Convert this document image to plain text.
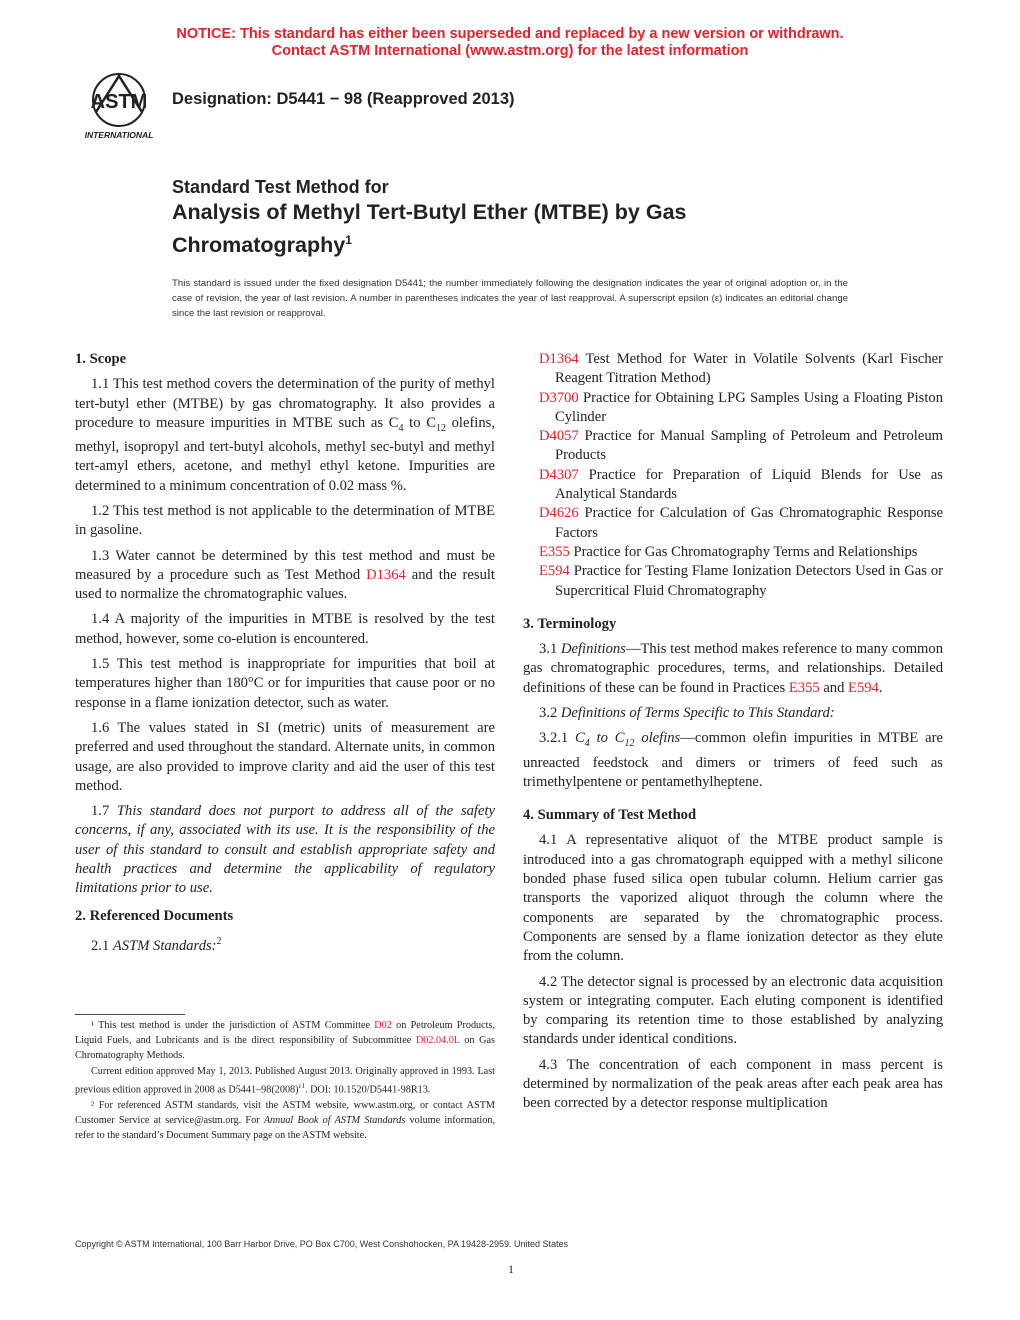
NOTICE: This standard has either been superseded and replaced by a new version or withdrawn.
Contact ASTM International (www.astm.org) for the latest information
ASTM
INTERNATIONAL
Designation: D5441 − 98 (Reapproved 2013)
Standard Test Method for
Analysis of Methyl Tert-Butyl Ether (MTBE) by Gas
Chromatography$^1$
This standard is issued under the fixed designation D5441; the number immediately following the designation indicates the year of original adoption or, in the case of revision, the year of last revision. A number in parentheses indicates the year of last reapproval. A superscript epsilon (ε) indicates an editorial change since the last revision or reapproval.
1. Scope

1.1 This test method covers the determination of the purity of methyl tert-butyl ether (MTBE) by gas chromatography. It also provides a procedure to measure impurities in MTBE such as $C_4$ to $C_{12}$ olefins, methyl, isopropyl and tert-butyl alcohols, methyl sec-butyl and methyl tert-amyl ethers, acetone, and methyl ethyl ketone. Impurities are determined to a minimum concentration of 0.02 mass %.

1.2 This test method is not applicable to the determination of MTBE in gasoline.

1.3 Water cannot be determined by this test method and must be measured by a procedure such as Test Method D1364 and the result used to normalize the chromatographic values.

1.4 A majority of the impurities in MTBE is resolved by the test method, however, some co-elution is encountered.

1.5 This test method is inappropriate for impurities that boil at temperatures higher than 180°C or for impurities that cause poor or no response in a flame ionization detector, such as water.

1.6 The values stated in SI (metric) units of measurement are preferred and used throughout the standard. Alternate units, in common usage, are also provided to improve clarity and aid the user of this test method.

1.7 This standard does not purport to address all of the safety concerns, if any, associated with its use. It is the responsibility of the user of this standard to consult and establish appropriate safety and health practices and determine the applicability of regulatory limitations prior to use.

2. Referenced Documents

2.1 ASTM Standards:$^2$

¹ This test method is under the jurisdiction of ASTM Committee D02 on Petroleum Products, Liquid Fuels, and Lubricants and is the direct responsibility of Subcommittee D02.04.0L on Gas Chromatography Methods.

Current edition approved May 1, 2013. Published August 2013. Originally approved in 1993. Last previous edition approved in 2008 as $D5441-98(2008)^{\varepsilon 1}$. DOI: 10.1520/D5441-98R13.

² For referenced ASTM standards, visit the ASTM website, www.astm.org, or contact ASTM Customer Service at service@astm.org. For Annual Book of ASTM Standards volume information, refer to the standard’s Document Summary page on the ASTM website.

D1364 Test Method for Water in Volatile Solvents (Karl Fischer Reagent Titration Method)
D3700 Practice for Obtaining LPG Samples Using a Floating Piston Cylinder
D4057 Practice for Manual Sampling of Petroleum and Petroleum Products
D4307 Practice for Preparation of Liquid Blends for Use as Analytical Standards
D4626 Practice for Calculation of Gas Chromatographic Response Factors
E355 Practice for Gas Chromatography Terms and Relationships
E594 Practice for Testing Flame Ionization Detectors Used in Gas or Supercritical Fluid Chromatography
3. Terminology

3.1 Definitions—This test method makes reference to many common gas chromatographic procedures, terms, and relationships. Detailed definitions of these can be found in Practices E355 and E594.

3.2 Definitions of Terms Specific to This Standard:

3.2.1 $C_4$ to $C_{12}$ olefins—common olefin impurities in MTBE are unreacted feedstock and dimers or trimers of feed such as trimethylpentene or pentamethylheptene.

4. Summary of Test Method

4.1 A representative aliquot of the MTBE product sample is introduced into a gas chromatograph equipped with a methyl silicone bonded phase fused silica open tubular column. Helium carrier gas transports the vaporized aliquot through the column where the components are separated by the chromatographic process. Components are sensed by a flame ionization detector as they elute from the column.

4.2 The detector signal is processed by an electronic data acquisition system or integrating computer. Each eluting component is identified by comparing its retention time to those established by analyzing standards under identical conditions.

4.3 The concentration of each component in mass percent is determined by normalization of the peak areas after each peak area has been corrected by a detector response multiplication

Copyright © ASTM International, 100 Barr Harbor Drive, PO Box C700, West Conshohocken, PA 19428-2959. United States
1
